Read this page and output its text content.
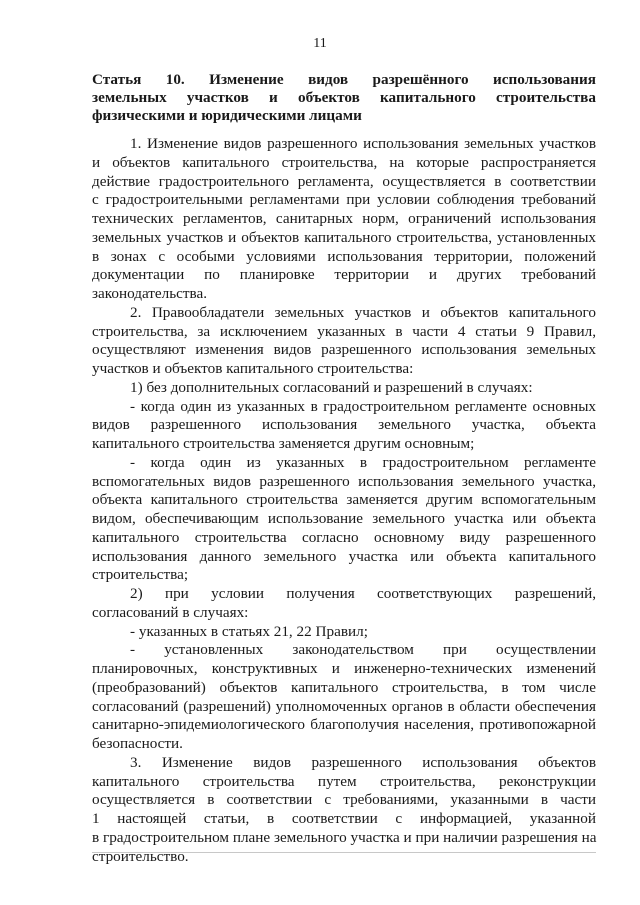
11
Статья 10. Изменение видов разрешённого использования
земельных участков и объектов капитального строительства
физическими и юридическими лицами
1. Изменение видов разрешенного использования земельных участков
и объектов капитального строительства, на которые распространяется
действие градостроительного регламента, осуществляется в соответствии
с градостроительными регламентами при условии соблюдения требований
технических регламентов, санитарных норм, ограничений использования
земельных участков и объектов капитального строительства, установленных
в зонах с особыми условиями использования территории, положений
документации по планировке территории и других требований
законодательства.
2. Правообладатели земельных участков и объектов капитального
строительства, за исключением указанных в части 4 статьи 9 Правил,
осуществляют изменения видов разрешенного использования земельных
участков и объектов капитального строительства:
1) без дополнительных согласований и разрешений в случаях:
- когда один из указанных в градостроительном регламенте основных
видов разрешенного использования земельного участка, объекта
капитального строительства заменяется другим основным;
- когда один из указанных в градостроительном регламенте
вспомогательных видов разрешенного использования земельного участка,
объекта капитального строительства заменяется другим вспомогательным
видом, обеспечивающим использование земельного участка или объекта
капитального строительства согласно основному виду разрешенного
использования данного земельного участка или объекта капитального
строительства;
2) при условии получения соответствующих разрешений,
согласований в случаях:
- указанных в статьях 21, 22 Правил;
- установленных законодательством при осуществлении
планировочных, конструктивных и инженерно-технических изменений
(преобразований) объектов капитального строительства, в том числе
согласований (разрешений) уполномоченных органов в области обеспечения
санитарно-эпидемиологического благополучия населения, противопожарной
безопасности.
3. Изменение видов разрешенного использования объектов
капитального строительства путем строительства, реконструкции
осуществляется в соответствии с требованиями, указанными в части
1 настоящей статьи, в соответствии с информацией, указанной
в градостроительном плане земельного участка и при наличии разрешения на
строительство.
